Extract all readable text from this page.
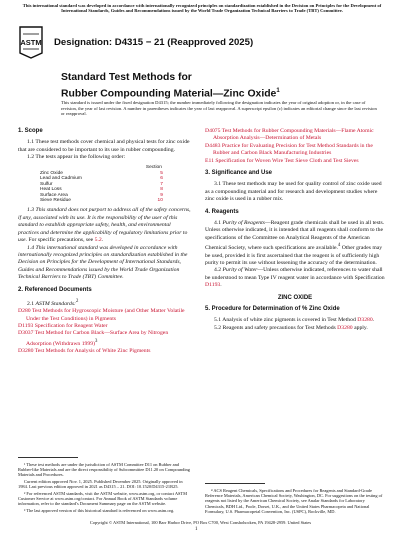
This international standard was developed in accordance with internationally recognized principles on standardization established in the Decision on Principles for the Development of International Standards, Guides and Recommendations issued by the World Trade Organization Technical Barriers to Trade (TBT) Committee.
ASTM Designation: D4315 − 21 (Reapproved 2025)
Standard Test Methods for
Rubber Compounding Material—Zinc Oxide$^1$
This standard is issued under the fixed designation D4315; the number immediately following the designation indicates the year of original adoption or, in the case of revision, the year of last revision. A number in parentheses indicates the year of last reapproval. A superscript epsilon (ε) indicates an editorial change since the last revision or reapproval.

1. Scope

1.1 These test methods cover chemical and physical tests for zinc oxide that are considered to be important to its use in rubber compounding.

1.2 The tests appear in the following order:

	Section
Zinc Oxide	5
Lead and Cadmium	6
Sulfur	7
Heat Loss	8
Surface Area	9
Sieve Residue	10

1.3 This standard does not purport to address all of the safety concerns, if any, associated with its use. It is the responsibility of the user of this standard to establish appropriate safety, health, and environmental practices and determine the applicability of regulatory limitations prior to use. For specific precautions, see 5.2.

1.4 This international standard was developed in accordance with internationally recognized principles on standardization established in the Decision on Principles for the Development of International Standards, Guides and Recommendations issued by the World Trade Organization Technical Barriers to Trade (TBT) Committee.

2. Referenced Documents

2.1 ASTM Standards:$^2$

D280 Test Methods for Hygroscopic Moisture (and Other Matter Volatile Under the Test Conditions) in Pigments

D1193 Specification for Reagent Water

D3037 Test Method for Carbon Black—Surface Area by Nitrogen Adsorption (Withdrawn 1999)$^3$

D3280 Test Methods for Analysis of White Zinc Pigments

D4075 Test Methods for Rubber Compounding Materials—Flame Atomic Absorption Analysis—Determination of Metals

D4483 Practice for Evaluating Precision for Test Method Standards in the Rubber and Carbon Black Manufacturing Industries

E11 Specification for Woven Wire Test Sieve Cloth and Test Sieves

3. Significance and Use

3.1 These test methods may be used for quality control of zinc oxide used as a compounding material and for research and development studies where zinc oxide is used in a rubber mix.

4. Reagents

4.1 Purity of Reagents—Reagent grade chemicals shall be used in all tests. Unless otherwise indicated, it is intended that all reagents shall conform to the specifications of the Committee on Analytical Reagents of the American Chemical Society, where such specifications are available.$^4$ Other grades may be used, provided it is first ascertained that the reagent is of sufficiently high purity to permit its use without lessening the accuracy of the determination.

4.2 Purity of Water—Unless otherwise indicated, references to water shall be understood to mean Type IV reagent water in accordance with Specification D1193.

ZINC OXIDE

5. Procedure for Determination of % Zinc Oxide

5.1 Analysis of white zinc pigments is covered in Test Method D3280.

5.2 Reagents and safety precautions for Test Methods D3280 apply.

¹ These test methods are under the jurisdiction of ASTM Committee D11 on Rubber and Rubber-like Materials and are the direct responsibility of Subcommittee D11.20 on Compounding Materials and Procedures.

Current edition approved Nov. 1, 2025. Published December 2025. Originally approved in 1984. Last previous edition approved in 2021 as D4315 – 21. DOI: 10.1520/D4315-21R25.

² For referenced ASTM standards, visit the ASTM website, www.astm.org, or contact ASTM Customer Service at www.astm.org/contact. For Annual Book of ASTM Standards volume information, refer to the standard's Document Summary page on the ASTM website.

³ The last approved version of this historical standard is referenced on www.astm.org.

⁴ ACS Reagent Chemicals, Specifications and Procedures for Reagents and Standard-Grade Reference Materials, American Chemical Society, Washington, DC. For suggestions on the testing of reagents not listed by the American Chemical Society, see Analar Standards for Laboratory Chemicals, BDH Ltd., Poole, Dorset, U.K., and the United States Pharmacopeia and National Formulary, U.S. Pharmacopeial Convention, Inc. (USPC), Rockville, MD.

Copyright © ASTM International, 100 Barr Harbor Drive, PO Box C700, West Conshohocken, PA 19428-2959. United States
1
